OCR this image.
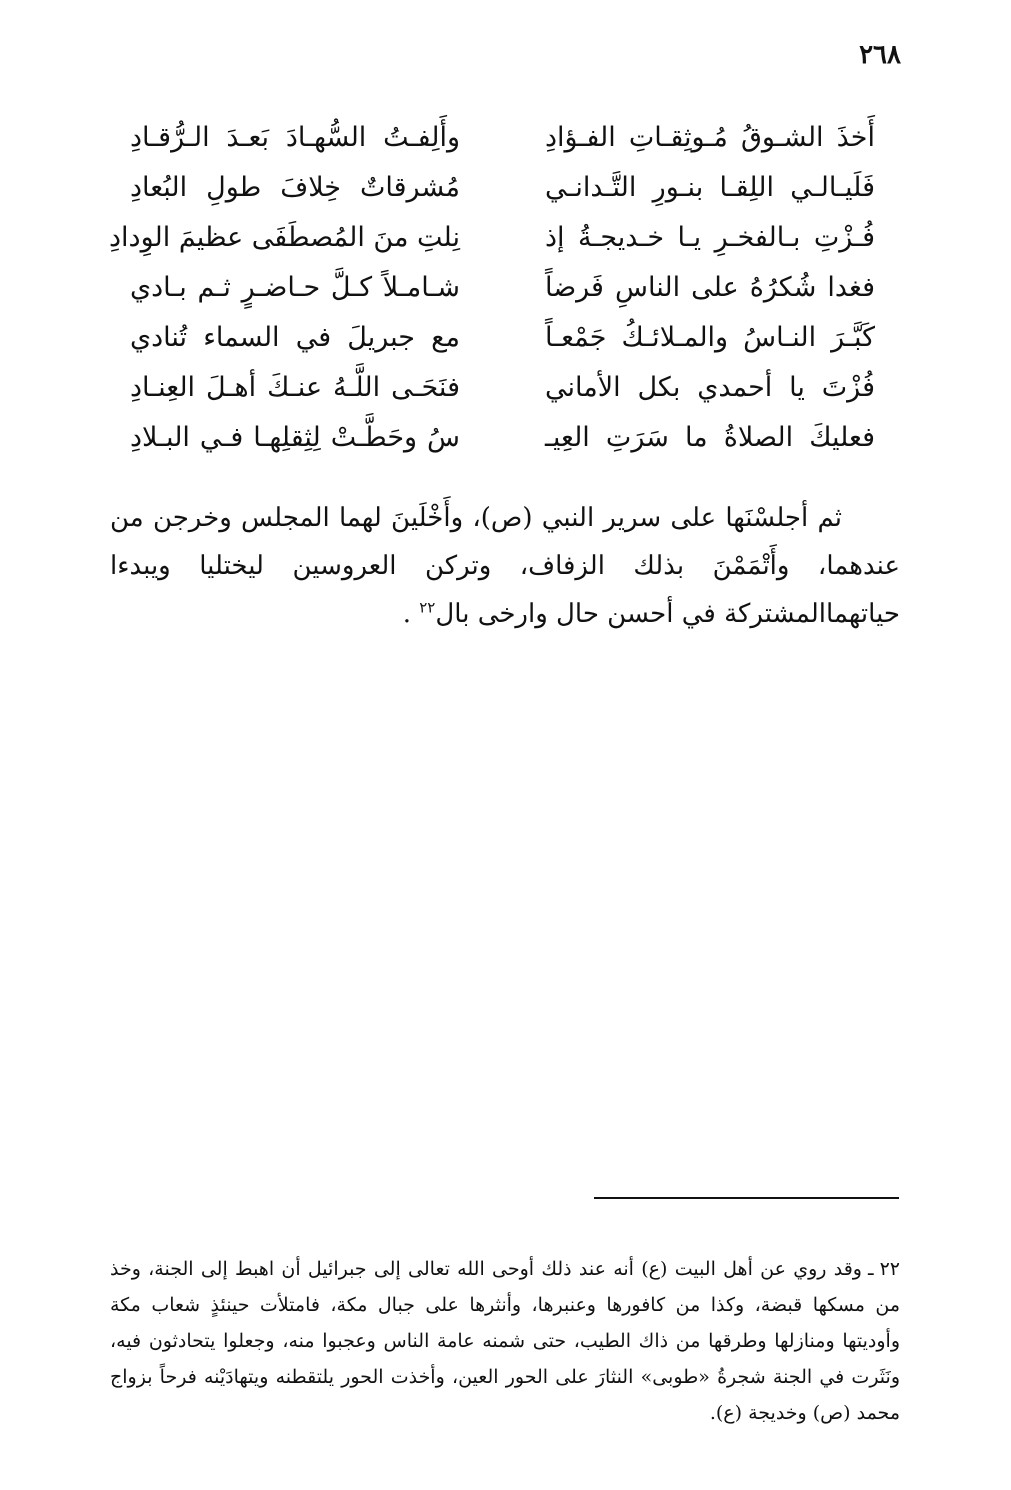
٢٦٨
أَخذَ الشـوقُ مُـوثِقـاتِ الفـؤادِ
وأَلِفـتُ السُّهـادَ بَعـدَ الـرُّقـادِ
فَلَيـالـي اللِقـا بنـورِ التَّـدانـي
مُشرقاتٌ خِلافَ طولِ البُعادِ
فُـزْتِ بـالفخـرِ يـا خـديجـةُ إذ
نِلتِ منَ المُصطَفَى عظيمَ الوِدادِ
فغدا شُكرُهُ على الناسِ فَرضاً
شـامـلاً كـلَّ حـاضـرٍ ثـم بـادي
كَبَّـرَ النـاسُ والمـلائـكُ جَمْعـاً
مع جبريلَ في السماء تُنادي
فُزْتَ يا أحمدي بكل الأماني
فنَحَـى اللَّـهُ عنـكَ أهـلَ العِنـادِ
فعليكَ الصلاةُ ما سَرَتِ العِيـ
سُ وحَطَّـتْ لِثِقلِهـا فـي البـلادِ

ثم أجلسْنَها على سرير النبي (ص)، وأَخْلَينَ لهما المجلس وخرجن من عندهما، وأَتْمَمْنَ بذلك الزفاف، وتركن العروسين ليختليا ويبدءا حياتهماالمشتركة في أحسن حال وارخى بال$^{٢٢}$ .

٢٢ ـوقد روي عن أهل البيت (ع) أنه عند ذلك أوحى الله تعالى إلى جبرائيل أن اهبط إلى الجنة، وخذ من مسكها قبضة، وكذا من كافورها وعنبرها، وأنثرها على جبال مكة، فامتلأت حينئذٍ شعاب مكة وأوديتها ومنازلها وطرقها من ذاك الطيب، حتى شمنه عامة الناس وعجبوا منه، وجعلوا يتحادثون فيه، ونَثَرت في الجنة شجرةُ «طوبى» النثارَ على الحور العين، وأخذت الحور يلتقطنه ويتهادَيْنه فرحاً بزواج محمد (ص) وخديجة (ع).
